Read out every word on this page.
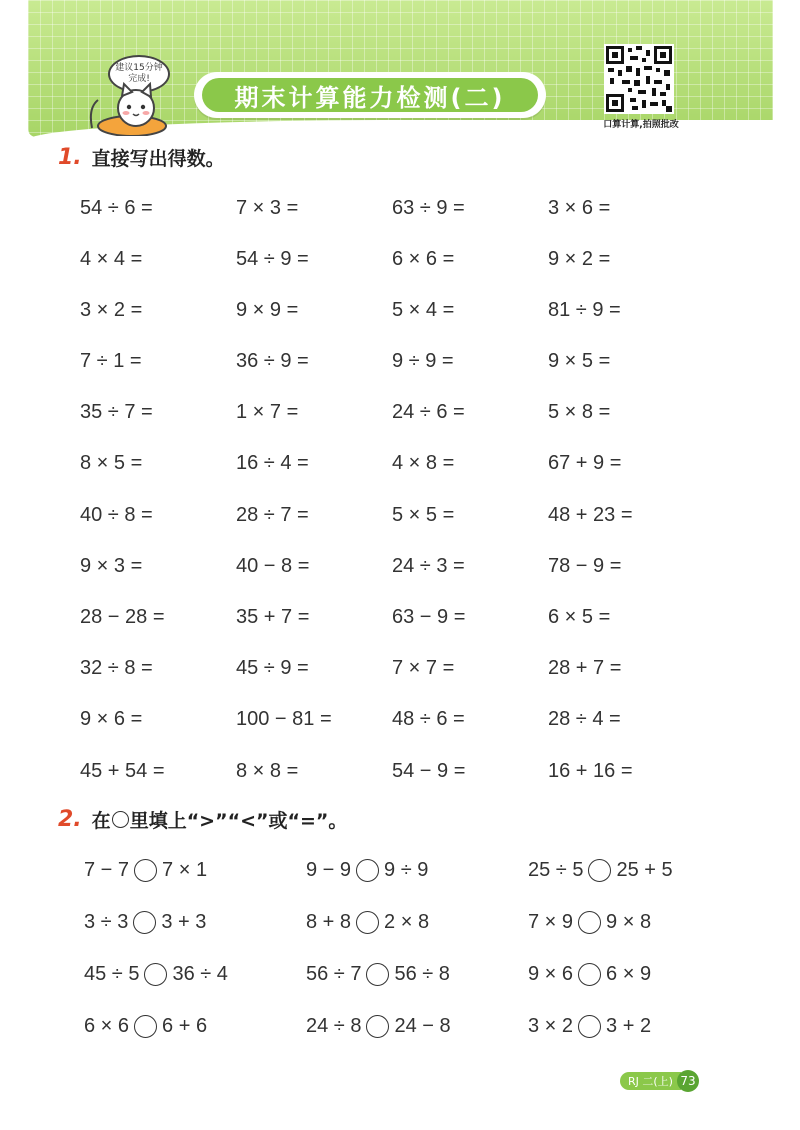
建议15分钟
完成!
期末计算能力检测(二)
口算计算,拍照批改
1. 直接写出得数。
54 ÷ 6 =	7 × 3 =	63 ÷ 9 =	3 × 6 =
4 × 4 =	54 ÷ 9 =	6 × 6 =	9 × 2 =
3 × 2 =	9 × 9 =	5 × 4 =	81 ÷ 9 =
7 ÷ 1 =	36 ÷ 9 =	9 ÷ 9 =	9 × 5 =
35 ÷ 7 =	1 × 7 =	24 ÷ 6 =	5 × 8 =
8 × 5 =	16 ÷ 4 =	4 × 8 =	67 + 9 =
40 ÷ 8 =	28 ÷ 7 =	5 × 5 =	48 + 23 =
9 × 3 =	40 − 8 =	24 ÷ 3 =	78 − 9 =
28 − 28 =	35 + 7 =	63 − 9 =	6 × 5 =
32 ÷ 8 =	45 ÷ 9 =	7 × 7 =	28 + 7 =
9 × 6 =	100 − 81 =	48 ÷ 6 =	28 ÷ 4 =
45 + 54 =	8 × 8 =	54 − 9 =	16 + 16 =
2. 在 里填上“>”“<”或“=”。
7 − 7 7 × 1	9 − 9 9 ÷ 9	25 ÷ 5 25 + 5
3 ÷ 3 3 + 3	8 + 8 2 × 8	7 × 9 9 × 8
45 ÷ 5 36 ÷ 4	56 ÷ 7 56 ÷ 8	9 × 6 6 × 9
6 × 6 6 + 6	24 ÷ 8 24 − 8	3 × 2 3 + 2
RJ 二(上) 73
